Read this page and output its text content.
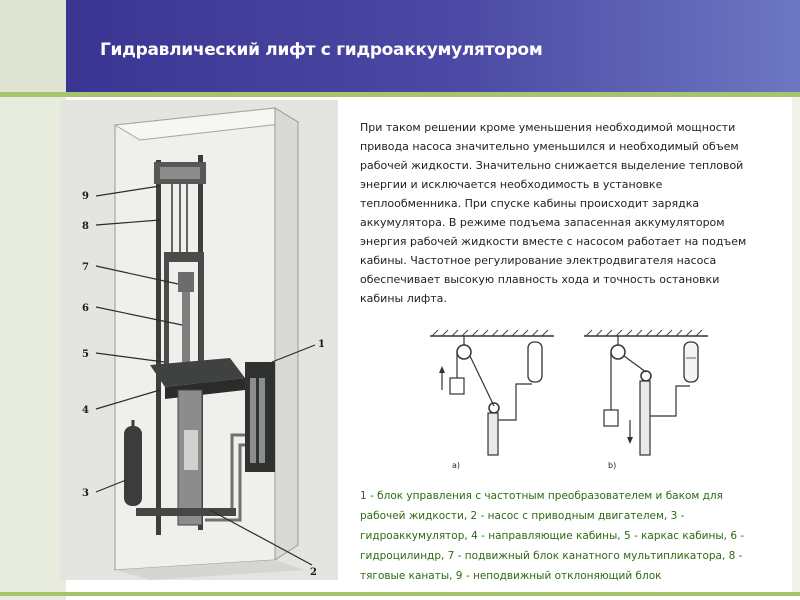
Гидравлический лифт с гидроаккумулятором
9
8
7
6
5
4
3
2
1
При таком решении кроме уменьшения необходимой мощности привода насоса значительно уменьшился и необходимый объем рабочей жидкости. Значительно снижается выделение тепловой энергии и исключается необходимость в установке теплообменника. При спуске кабины происходит зарядка аккумулятора. В режиме подъема запасенная аккумулятором энергия рабочей жидкости вместе с насосом работает на подъем кабины. Частотное регулирование электродвигателя насоса обеспечивает высокую плавность хода и точность остановки кабины лифта.
а)	b)
1 - блок управления с частотным преобразователем и баком для рабочей жидкости, 2 - насос с приводным двигателем, 3 - гидроаккумулятор, 4 - направляющие кабины, 5 - каркас кабины, 6 - гидроцилиндр, 7 - подвижный блок канатного мультипликатора, 8 - тяговые канаты, 9 - неподвижный отклоняющий блок
